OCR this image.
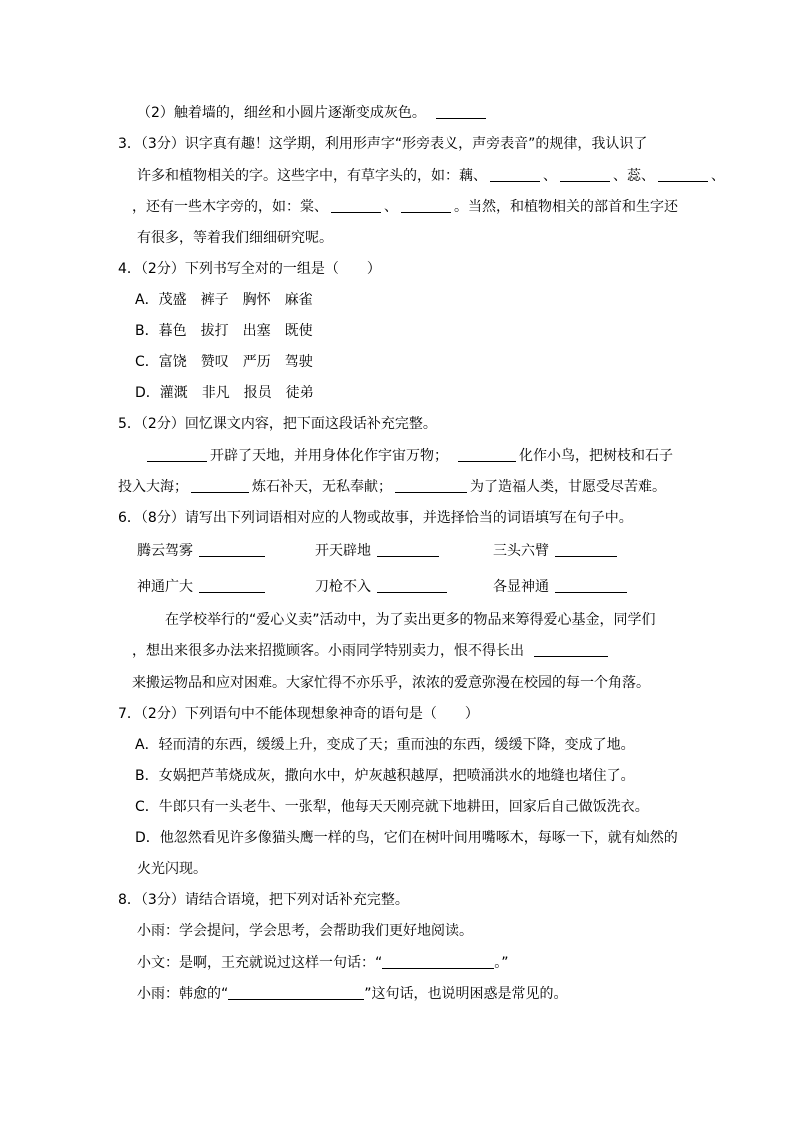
（2）触着墙的，细丝和小圆片逐渐变成灰色。
3．（3分）识字真有趣！这学期，利用形声字“形旁表义，声旁表音”的规律，我认识了
许多和植物相关的字。这些字中，有草字头的，如：藕、	、	、蕊、	、
，还有一些木字旁的，如：棠、	、	。当然，和植物相关的部首和生字还
有很多，等着我们细细研究呢。
4．（2分）下列书写全对的一组是（　　）
A．茂盛　裤子　胸怀　麻雀
B．暮色　拔打　出塞　既使
C．富饶　赞叹　严历　驾驶
D．灌溉　非凡　报员　徒弟
5．（2分）回忆课文内容，把下面这段话补充完整。
开辟了天地，并用身体化作宇宙万物；	化作小鸟，把树枝和石子
投入大海；	炼石补天，无私奉献；	为了造福人类，甘愿受尽苦难。
6．（8分）请写出下列词语相对应的人物或故事，并选择恰当的词语填写在句子中。
腾云驾雾	开天辟地	三头六臂
神通广大	刀枪不入	各显神通
在学校举行的“爱心义卖”活动中，为了卖出更多的物品来筹得爱心基金，同学们
，想出来很多办法来招揽顾客。小雨同学特别卖力，恨不得长出
来搬运物品和应对困难。大家忙得不亦乐乎，浓浓的爱意弥漫在校园的每一个角落。
7．（2分）下列语句中不能体现想象神奇的语句是（　　）
A．轻而清的东西，缓缓上升，变成了天；重而浊的东西，缓缓下降，变成了地。
B．女娲把芦苇烧成灰，撒向水中，炉灰越积越厚，把喷涌洪水的地缝也堵住了。
C．牛郎只有一头老牛、一张犁，他每天天刚亮就下地耕田，回家后自己做饭洗衣。
D．他忽然看见许多像猫头鹰一样的鸟，它们在树叶间用嘴啄木，每啄一下，就有灿然的
火光闪现。
8．（3分）请结合语境，把下列对话补充完整。
小雨：学会提问，学会思考，会帮助我们更好地阅读。
小文：是啊，王充就说过这样一句话：“	。”
小雨：韩愈的“	”这句话，也说明困惑是常见的。
